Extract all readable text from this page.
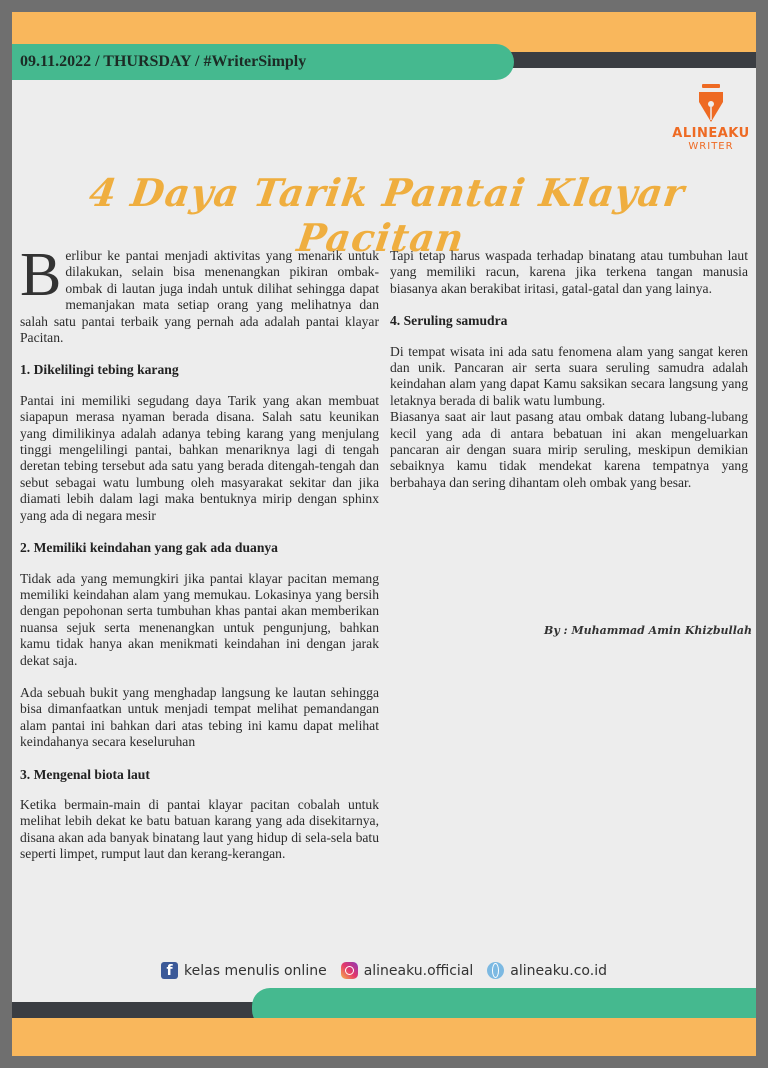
09.11.2022 / THURSDAY / #WriterSimply
ALINEAKU
WRITER
4 Daya Tarik Pantai Klayar Pacitan

Berlibur ke pantai menjadi aktivitas yang menarik untuk dilakukan, selain bisa menenangkan pikiran ombak-ombak di lautan juga indah untuk dilihat sehingga dapat memanjakan mata setiap orang yang melihatnya dan salah satu pantai terbaik yang pernah ada adalah pantai klayar Pacitan.

1. Dikelilingi tebing karang

Pantai ini memiliki segudang daya Tarik yang akan membuat siapapun merasa nyaman berada disana. Salah satu keunikan yang dimilikinya adalah adanya tebing karang yang menjulang tinggi mengelilingi pantai, bahkan menariknya lagi di tengah deretan tebing tersebut ada satu yang berada ditengah-tengah dan sebut sebagai watu lumbung oleh masyarakat sekitar dan jika diamati lebih dalam lagi maka bentuknya mirip dengan sphinx yang ada di negara mesir

2. Memiliki keindahan yang gak ada duanya

Tidak ada yang memungkiri jika pantai klayar pacitan memang memiliki keindahan alam yang memukau. Lokasinya yang bersih dengan pepohonan serta tumbuhan khas pantai akan memberikan nuansa sejuk serta menenangkan untuk pengunjung, bahkan kamu tidak hanya akan menikmati keindahan ini dengan jarak dekat saja.

Ada sebuah bukit yang menghadap langsung ke lautan sehingga bisa dimanfaatkan untuk menjadi tempat melihat pemandangan alam pantai ini bahkan dari atas tebing ini kamu dapat melihat keindahanya secara keseluruhan

3. Mengenal biota laut

Ketika bermain-main di pantai klayar pacitan cobalah untuk melihat lebih dekat ke batu batuan karang yang ada disekitarnya, disana akan ada banyak binatang laut yang hidup di sela-sela batu seperti limpet, rumput laut dan kerang-kerangan.

Tapi tetap harus waspada terhadap binatang atau tumbuhan laut yang memiliki racun, karena jika terkena tangan manusia biasanya akan berakibat iritasi, gatal-gatal dan yang lainya.

4. Seruling samudra

Di tempat wisata ini ada satu fenomena alam yang sangat keren dan unik. Pancaran air serta suara seruling samudra adalah keindahan alam yang dapat Kamu saksikan secara langsung yang letaknya berada di balik watu lumbung.

Biasanya saat air laut pasang atau ombak datang lubang-lubang kecil yang ada di antara bebatuan ini akan mengeluarkan pancaran air dengan suara mirip seruling, meskipun demikian sebaiknya kamu tidak mendekat karena tempatnya yang berbahaya dan sering dihantam oleh ombak yang besar.

By : Muhammad Amin Khizbullah
f kelas menulis online	alineaku.official	alineaku.co.id
